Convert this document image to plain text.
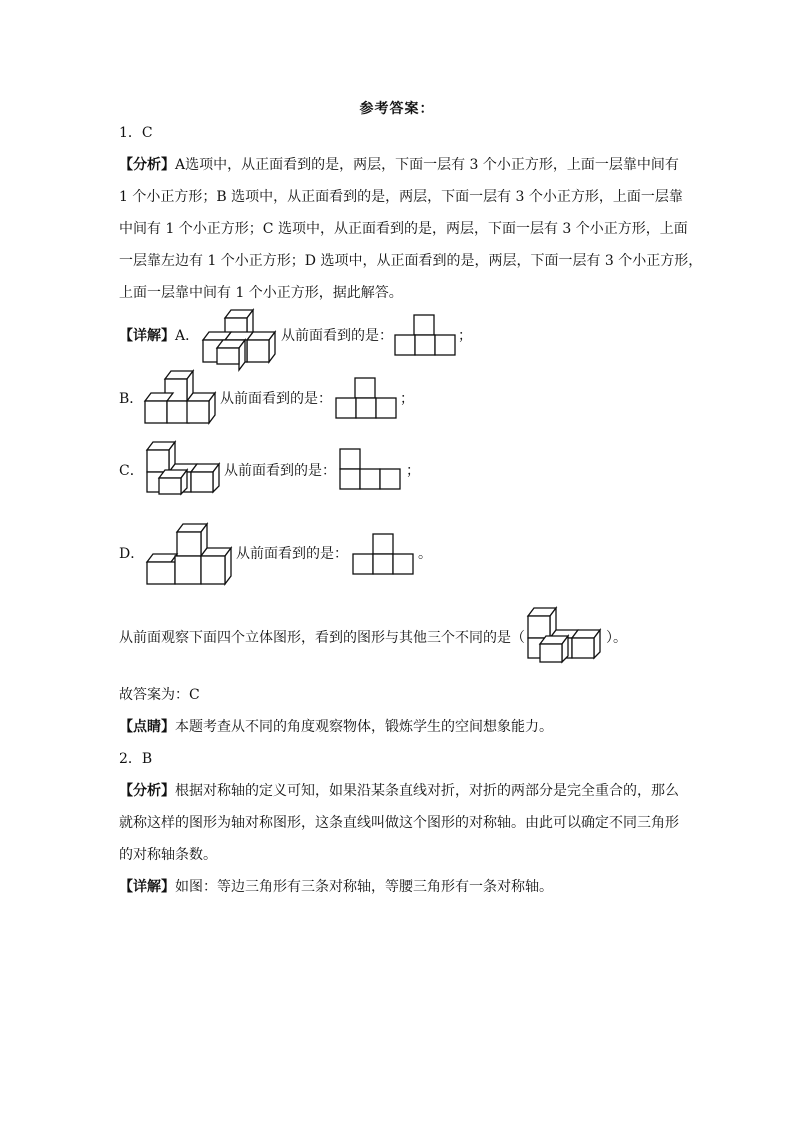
参考答案：
1．C
【分析】A选项中，从正面看到的是，两层，下面一层有 3 个小正方形，上面一层靠中间有
1 个小正方形；B 选项中，从正面看到的是，两层，下面一层有 3 个小正方形，上面一层靠
中间有 1 个小正方形；C 选项中，从正面看到的是，两层，下面一层有 3 个小正方形，上面
一层靠左边有 1 个小正方形；D 选项中，从正面看到的是，两层，下面一层有 3 个小正方形，
上面一层靠中间有 1 个小正方形，据此解答。
【详解】A．	从前面看到的是：	；
B．	从前面看到的是：	；
C．	从前面看到的是：	；
D．	从前面看到的是：	。
从前面观察下面四个立体图形，看到的图形与其他三个不同的是（	）。
故答案为：C
【点睛】本题考查从不同的角度观察物体，锻炼学生的空间想象能力。
2．B
【分析】根据对称轴的定义可知，如果沿某条直线对折，对折的两部分是完全重合的，那么
就称这样的图形为轴对称图形，这条直线叫做这个图形的对称轴。由此可以确定不同三角形
的对称轴条数。
【详解】如图：等边三角形有三条对称轴，等腰三角形有一条对称轴。
